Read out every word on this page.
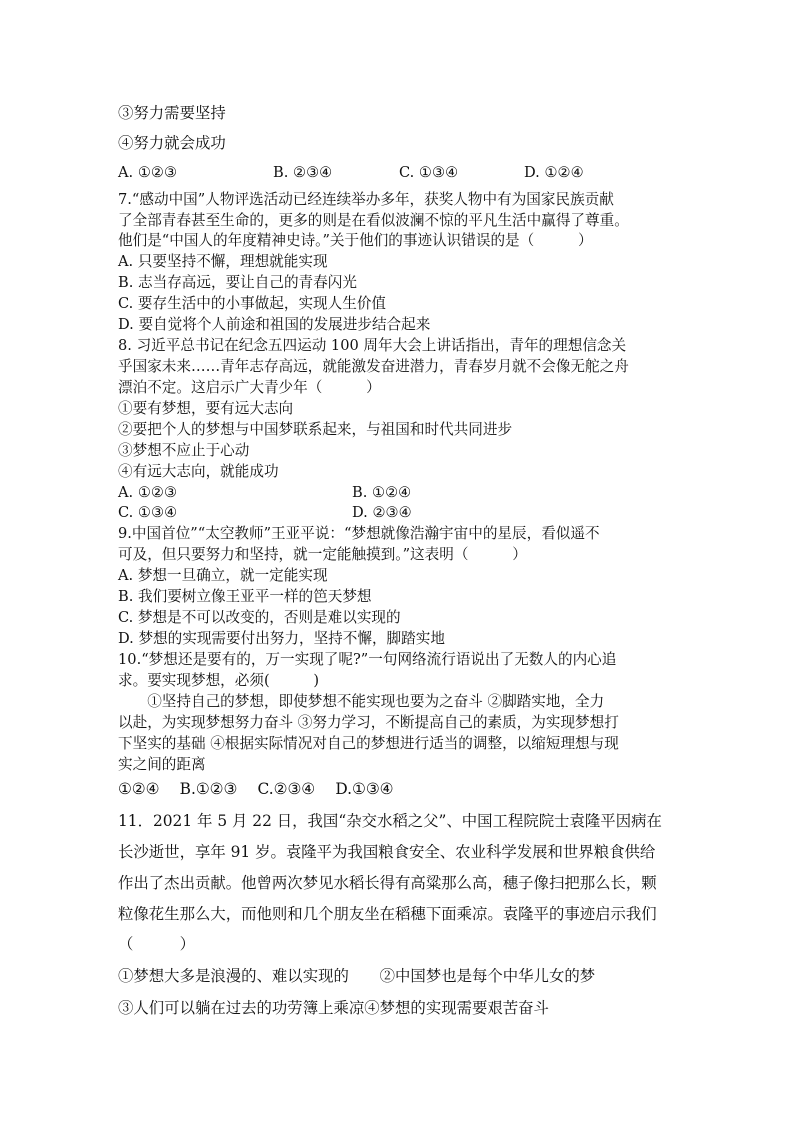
③努力需要坚持
④努力就会成功
A. ①②③	B. ②③④	C. ①③④	D. ①②④
7.“感动中国”人物评选活动已经连续举办多年，获奖人物中有为国家民族贡献
了全部青春甚至生命的，更多的则是在看似波澜不惊的平凡生活中赢得了尊重。
他们是“中国人的年度精神史诗。”关于他们的事迹认识错误的是（　　　）
A. 只要坚持不懈，理想就能实现
B. 志当存高远，要让自己的青春闪光
C. 要存生活中的小事做起，实现人生价值
D. 要自觉将个人前途和祖国的发展进步结合起来
8. 习近平总书记在纪念五四运动 100 周年大会上讲话指出，青年的理想信念关
乎国家未来……青年志存高远，就能激发奋进潜力，青春岁月就不会像无舵之舟
漂泊不定。这启示广大青少年（　　　）
①要有梦想，要有远大志向
②要把个人的梦想与中国梦联系起来，与祖国和时代共同进步
③梦想不应止于心动
④有远大志向，就能成功
A. ①②③	B. ①②④
C. ①③④	D. ②③④
9.中国首位”“太空教师”王亚平说：“梦想就像浩瀚宇宙中的星辰，看似遥不
可及，但只要努力和坚持，就一定能触摸到。”这表明（　　　）
A. 梦想一旦确立，就一定能实现
B. 我们要树立像王亚平一样的笆天梦想
C. 梦想是不可以改变的，否则是难以实现的
D. 梦想的实现需要付出努力，坚持不懈，脚踏实地
10.“梦想还是要有的，万一实现了呢?”一句网络流行语说出了无数人的内心追
求。要实现梦想，必须(　　　)
　　①坚持自己的梦想，即使梦想不能实现也要为之奋斗 ②脚踏实地，全力
以赴，为实现梦想努力奋斗 ③努力学习，不断提高自己的素质，为实现梦想打
下坚实的基础 ④根据实际情况对自己的梦想进行适当的调整，以缩短理想与现
实之间的距离
①②④　 B.①②③　 C.②③④　 D.①③④
11．2021 年 5 月 22 日，我国“杂交水稻之父”、中国工程院院士袁隆平因病在
长沙逝世，享年 91 岁。袁隆平为我国粮食安全、农业科学发展和世界粮食供给
作出了杰出贡献。他曾两次梦见水稻长得有高粱那么高，穗子像扫把那么长，颗
粒像花生那么大，而他则和几个朋友坐在稻穗下面乘凉。袁隆平的事迹启示我们
（　　　）
①梦想大多是浪漫的、难以实现的　　②中国梦也是每个中华儿女的梦
③人们可以躺在过去的功劳簿上乘凉④梦想的实现需要艰苦奋斗
